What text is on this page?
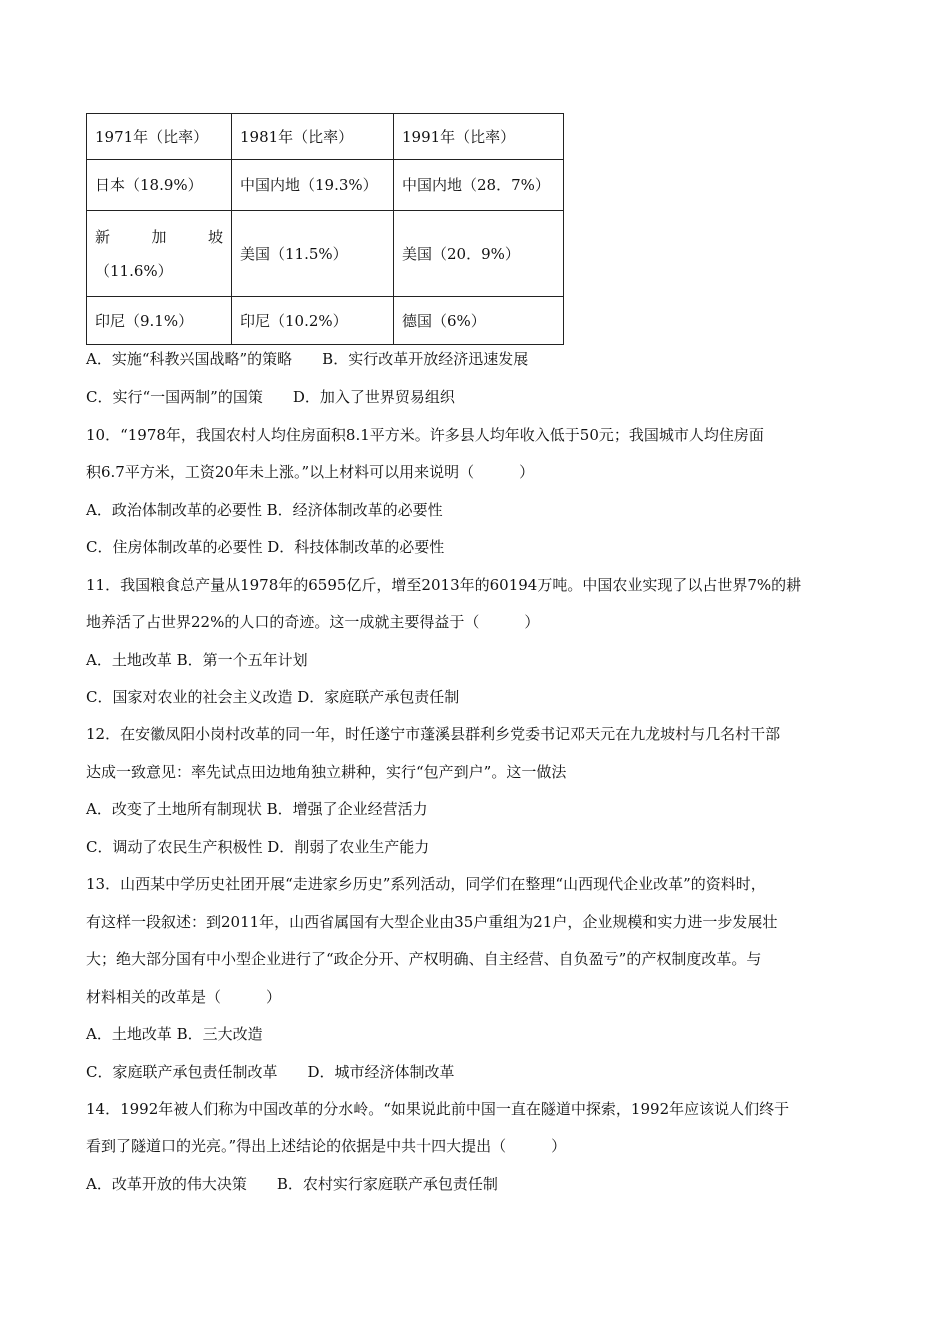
1971年（比率）	1981年（比率）	1991年（比率）
日本（18.9%）	中国内地（19.3%）	中国内地（28．7%）

新 加 坡
（11.6%）	美国（11.5%）	美国（20．9%）
印尼（9.1%）	印尼（10.2%）	德国（6%）
A．实施“科教兴国战略”的策略　　B．实行改革开放经济迅速发展
C．实行“一国两制”的国策　　D．加入了世界贸易组织
10．“1978年，我国农村人均住房面积8.1平方米。许多县人均年收入低于50元；我国城市人均住房面
积6.7平方米，工资20年未上涨。”以上材料可以用来说明（　　　）
A．政治体制改革的必要性 B．经济体制改革的必要性
C．住房体制改革的必要性 D．科技体制改革的必要性
11．我国粮食总产量从1978年的6595亿斤，增至2013年的60194万吨。中国农业实现了以占世界7%的耕
地养活了占世界22%的人口的奇迹。这一成就主要得益于（　　　）
A．土地改革 B．第一个五年计划
C．国家对农业的社会主义改造 D．家庭联产承包责任制
12．在安徽凤阳小岗村改革的同一年，时任遂宁市蓬溪县群利乡党委书记邓天元在九龙坡村与几名村干部
达成一致意见：率先试点田边地角独立耕种，实行“包产到户”。这一做法
A．改变了土地所有制现状 B．增强了企业经营活力
C．调动了农民生产积极性 D．削弱了农业生产能力
13．山西某中学历史社团开展“走进家乡历史”系列活动，同学们在整理“山西现代企业改革”的资料时，
有这样一段叙述：到2011年，山西省属国有大型企业由35户重组为21户，企业规模和实力进一步发展壮
大；绝大部分国有中小型企业进行了“政企分开、产权明确、自主经营、自负盈亏”的产权制度改革。与
材料相关的改革是（　　　）
A．土地改革 B．三大改造
C．家庭联产承包责任制改革　　D．城市经济体制改革
14．1992年被人们称为中国改革的分水岭。“如果说此前中国一直在隧道中探索，1992年应该说人们终于
看到了隧道口的光亮。”得出上述结论的依据是中共十四大提出（　　　）
A．改革开放的伟大决策　　B．农村实行家庭联产承包责任制
